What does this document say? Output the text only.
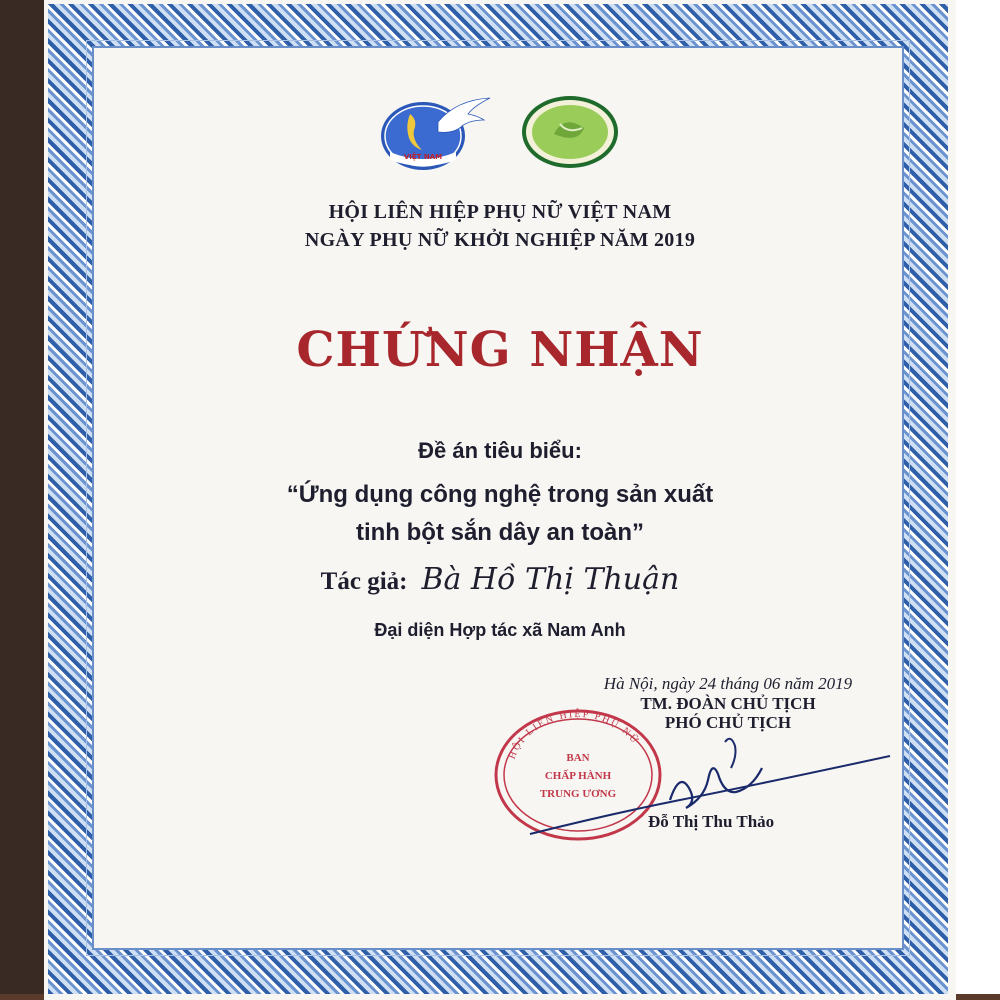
VIỆT NAM
HỘI LIÊN HIỆP PHỤ NỮ VIỆT NAM
NGÀY PHỤ NỮ KHỞI NGHIỆP NĂM 2019
CHỨNG NHẬN
Đề án tiêu biểu:
“Ứng dụng công nghệ trong sản xuất
tinh bột sắn dây an toàn”
Tác giả: Bà Hồ Thị Thuận
Đại diện Hợp tác xã Nam Anh
Hà Nội, ngày 24 tháng 06 năm 2019
TM. ĐOÀN CHỦ TỊCH
PHÓ CHỦ TỊCH
HỘI LIÊN HIỆP PHỤ NỮ
BAN
CHẤP HÀNH
TRUNG ƯƠNG
Đỗ Thị Thu Thảo
